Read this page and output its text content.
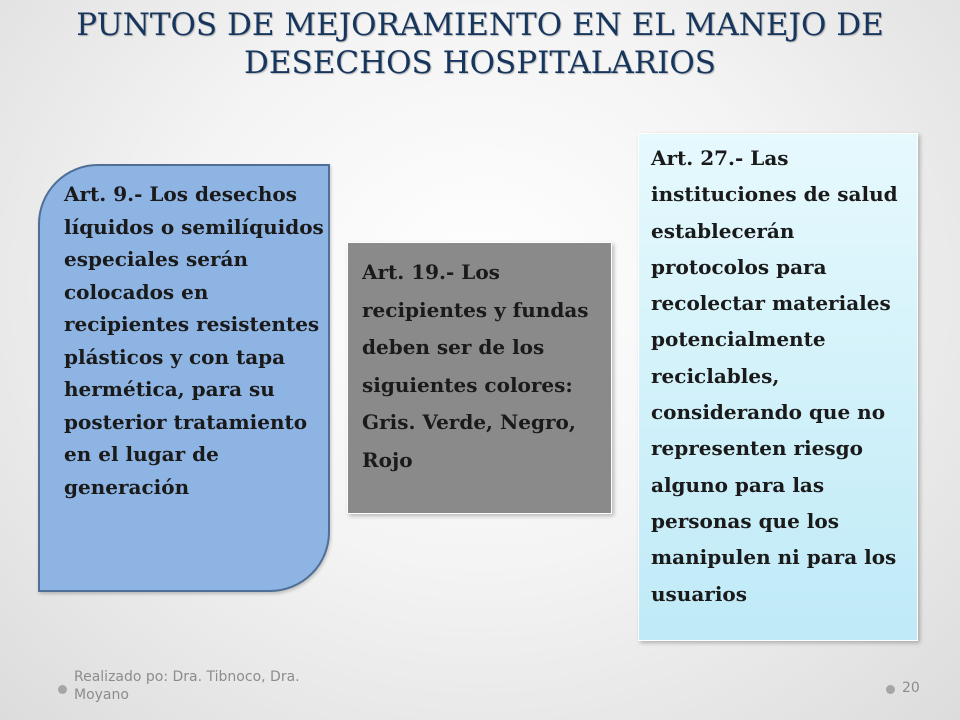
PUNTOS DE MEJORAMIENTO EN EL MANEJO DE
DESECHOS HOSPITALARIOS
Art. 9.- Los desechos líquidos o semilíquidos especiales serán colocados en recipientes resistentes plásticos y con tapa hermética, para su posterior tratamiento en el lugar de generación
Art. 19.- Los recipientes y fundas deben ser de los siguientes colores:
Gris. Verde, Negro, Rojo
Art. 27.- Las instituciones de salud establecerán protocolos para recolectar materiales potencialmente reciclables, considerando que no representen riesgo alguno para las personas que los manipulen ni para los usuarios
Realizado po: Dra. Tibnoco, Dra. Moyano	20
